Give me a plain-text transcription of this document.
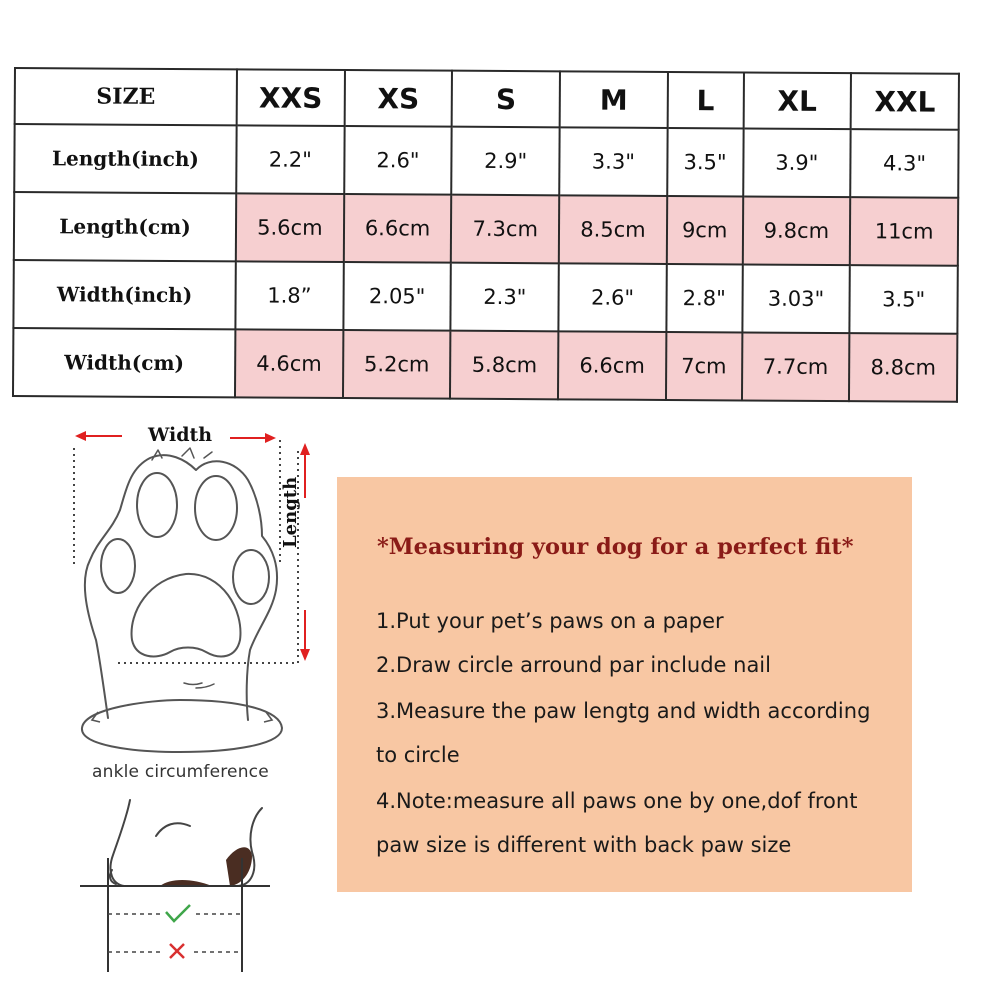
SIZE	XXS	XS	S	M	L	XL	XXL
Length(inch)	2.2"	2.6"	2.9"	3.3"	3.5"	3.9"	4.3"
Length(cm)	5.6cm	6.6cm	7.3cm	8.5cm	9cm	9.8cm	11cm
Width(inch)	1.8”	2.05"	2.3"	2.6"	2.8"	3.03"	3.5"
Width(cm)	4.6cm	5.2cm	5.8cm	6.6cm	7cm	7.7cm	8.8cm
Width
Length
ankle circumference
*Measuring your dog for a perfect fit*
1.Put your pet’s paws on a paper
2.Draw circle arround par include nail
3.Measure the paw lengtg and width according
to circle
4.Note:measure all paws one by one,dof front
paw size is different with back paw size
